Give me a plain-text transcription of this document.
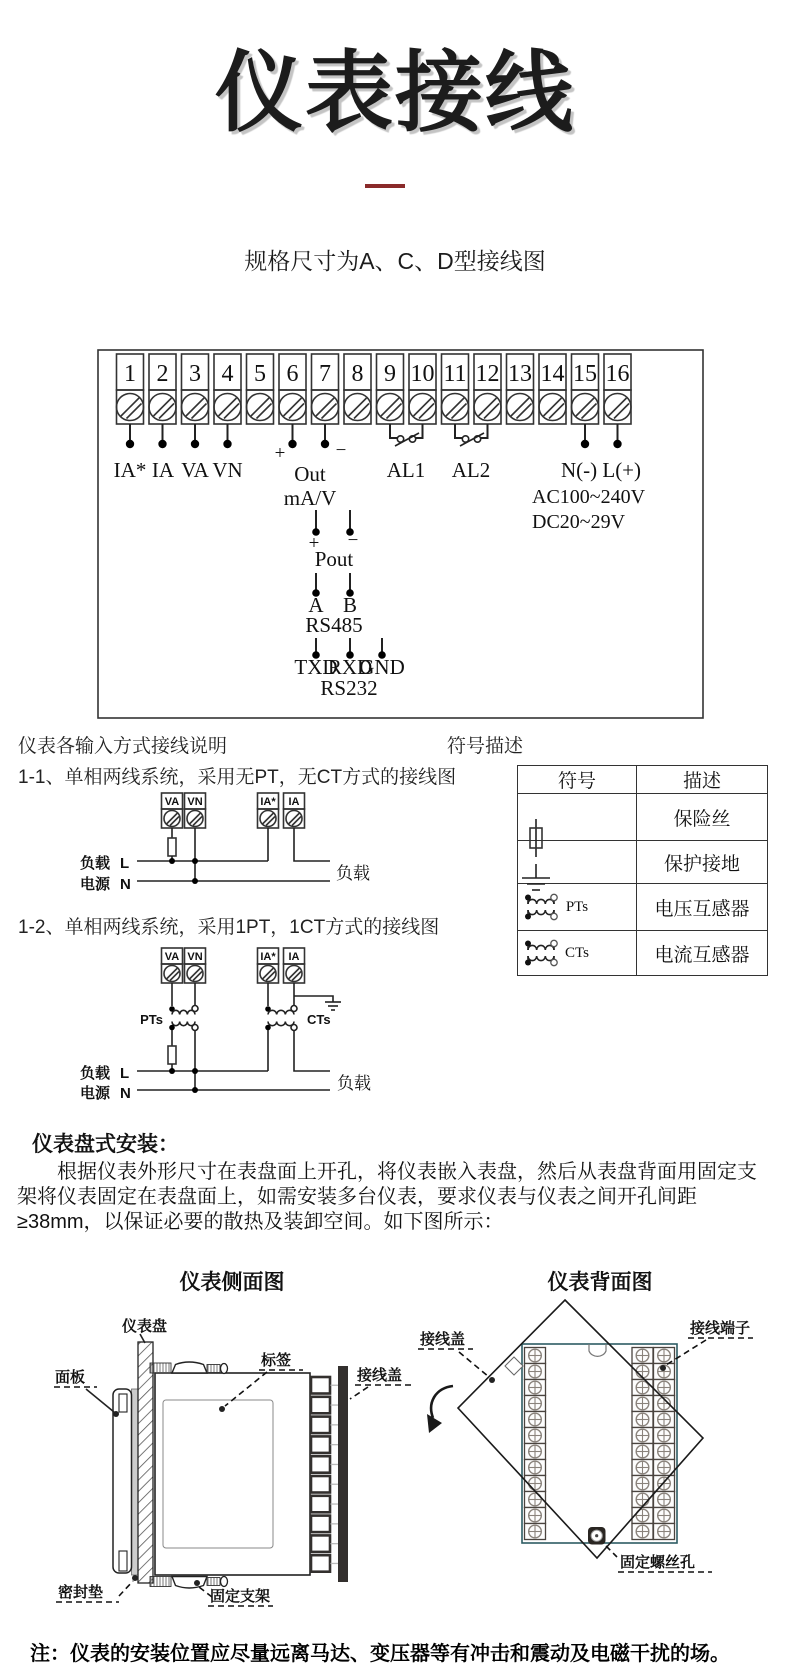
仪表接线
规格尺寸为A、C、D型接线图
1 2 3 4 5 6 7 8 9 10 11 12 13 14 15 16
IA* IA VA VN
+	−
Out
mA/V
+ −
Pout
A B
RS485
TXD
RXD
GND
RS232
AL1 AL2	N(-) L(+)
AC100~240V
DC20~29V
仪表各输入方式接线说明
1-1、单相两线系统，采用无PT，无CT方式的接线图
符号描述
VA VN	IA* IA
负载 L
电源 N
负载
符号	描述

	保险丝

	保护接地

PTs	电压互感器

CTs	电流互感器
1-2、单相两线系统，采用1PT，1CT方式的接线图
VA VN	IA* IA
PTs	CTs
负载 L
电源 N
负载
仪表盘式安装：
根据仪表外形尺寸在表盘面上开孔，将仪表嵌入表盘，然后从表盘背面用固定支架将仪表固定在表盘面上，如需安装多台仪表，要求仪表与仪表之间开孔间距≥38mm，以保证必要的散热及装卸空间。如下图所示：
仪表侧面图	仪表背面图
仪表盘
面板
标签
接线盖
密封垫	固定支架
接线盖
接线端子
固定螺丝孔
注：仪表的安装位置应尽量远离马达、变压器等有冲击和震动及电磁干扰的场。
